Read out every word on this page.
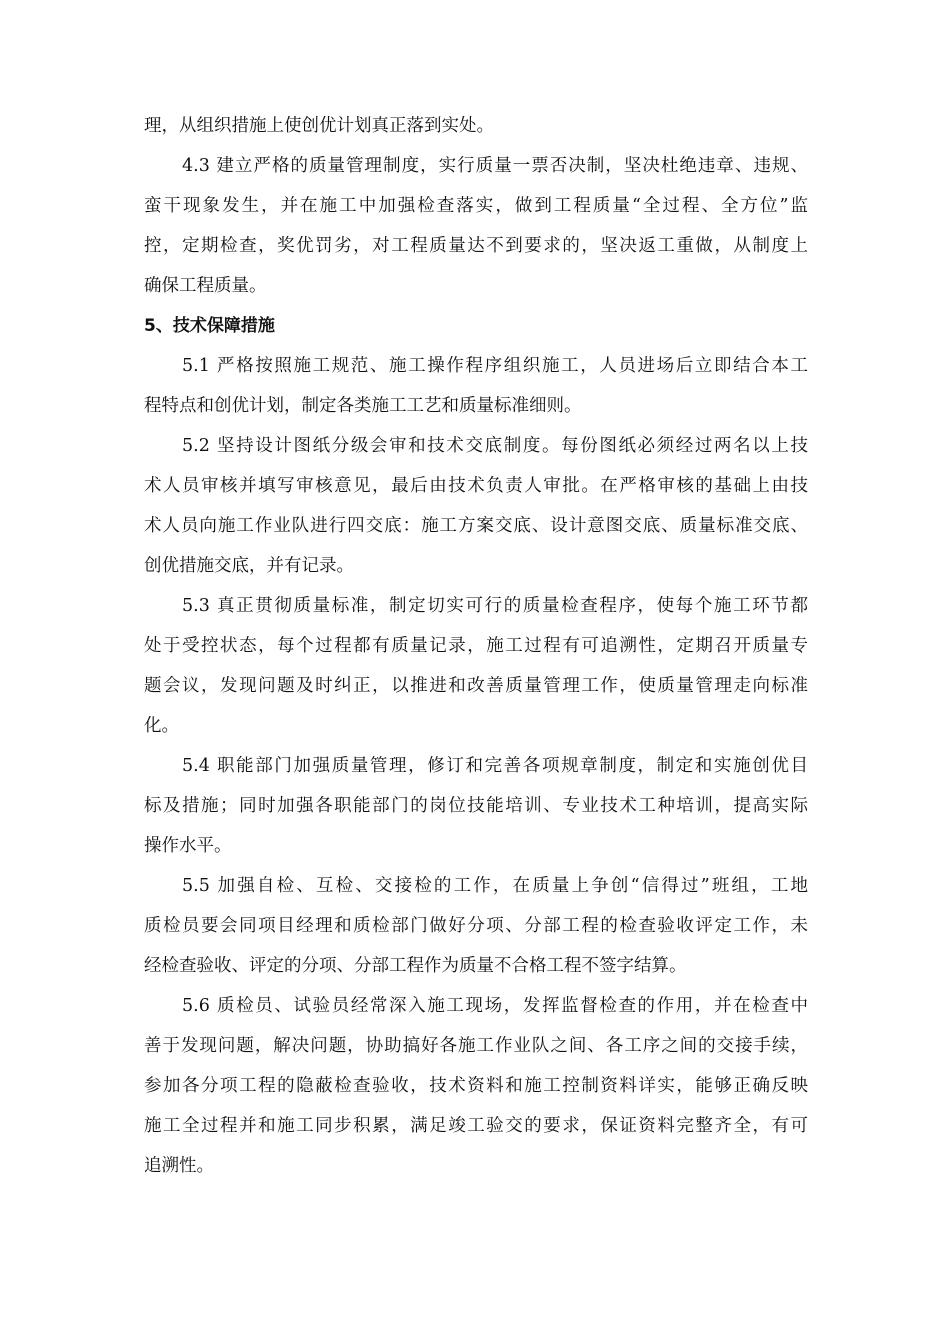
理，从组织措施上使创优计划真正落到实处。
4.3 建立严格的质量管理制度，实行质量一票否决制，坚决杜绝违章、违规、
蛮干现象发生，并在施工中加强检查落实，做到工程质量“全过程、全方位”监
控，定期检查，奖优罚劣，对工程质量达不到要求的，坚决返工重做，从制度上
确保工程质量。
5、技术保障措施
5.1 严格按照施工规范、施工操作程序组织施工，人员进场后立即结合本工
程特点和创优计划，制定各类施工工艺和质量标准细则。
5.2 坚持设计图纸分级会审和技术交底制度。每份图纸必须经过两名以上技
术人员审核并填写审核意见，最后由技术负责人审批。在严格审核的基础上由技
术人员向施工作业队进行四交底：施工方案交底、设计意图交底、质量标准交底、
创优措施交底，并有记录。
5.3 真正贯彻质量标准，制定切实可行的质量检查程序，使每个施工环节都
处于受控状态，每个过程都有质量记录，施工过程有可追溯性，定期召开质量专
题会议，发现问题及时纠正，以推进和改善质量管理工作，使质量管理走向标准
化。
5.4 职能部门加强质量管理，修订和完善各项规章制度，制定和实施创优目
标及措施；同时加强各职能部门的岗位技能培训、专业技术工种培训，提高实际
操作水平。
5.5 加强自检、互检、交接检的工作，在质量上争创“信得过”班组，工地
质检员要会同项目经理和质检部门做好分项、分部工程的检查验收评定工作，未
经检查验收、评定的分项、分部工程作为质量不合格工程不签字结算。
5.6 质检员、试验员经常深入施工现场，发挥监督检查的作用，并在检查中
善于发现问题，解决问题，协助搞好各施工作业队之间、各工序之间的交接手续，
参加各分项工程的隐蔽检查验收，技术资料和施工控制资料详实，能够正确反映
施工全过程并和施工同步积累，满足竣工验交的要求，保证资料完整齐全，有可
追溯性。
